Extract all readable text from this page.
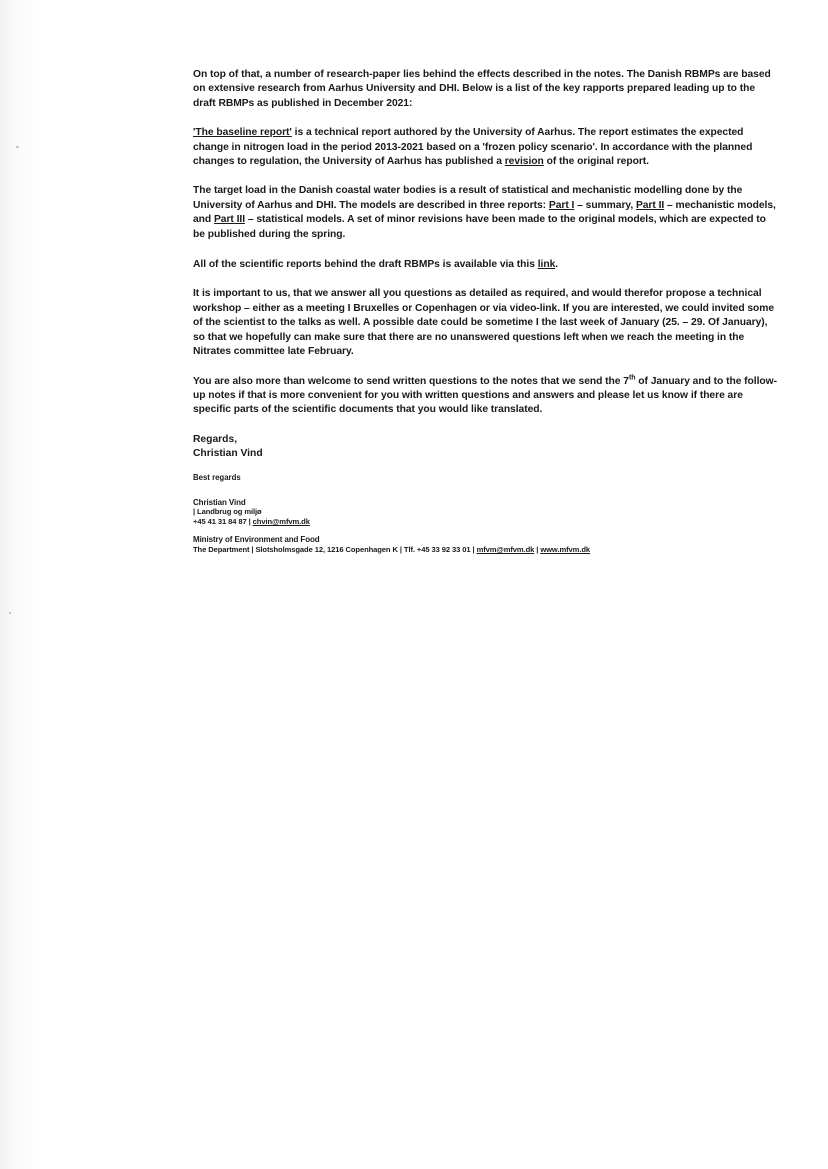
On top of that, a number of research-paper lies behind the effects described in the notes. The Danish RBMPs are based on extensive research from Aarhus University and DHI. Below is a list of the key rapports prepared leading up to the draft RBMPs as published in December 2021:

'The baseline report' is a technical report authored by the University of Aarhus. The report estimates the expected change in nitrogen load in the period 2013-2021 based on a 'frozen policy scenario'. In accordance with the planned changes to regulation, the University of Aarhus has published a revision of the original report.

The target load in the Danish coastal water bodies is a result of statistical and mechanistic modelling done by the University of Aarhus and DHI. The models are described in three reports: Part I – summary, Part II – mechanistic models, and Part III – statistical models. A set of minor revisions have been made to the original models, which are expected to be published during the spring.

All of the scientific reports behind the draft RBMPs is available via this link.

It is important to us, that we answer all you questions as detailed as required, and would therefor propose a technical workshop – either as a meeting I Bruxelles or Copenhagen or via video-link. If you are interested, we could invited some of the scientist to the talks as well. A possible date could be sometime I the last week of January (25. – 29. Of January), so that we hopefully can make sure that there are no unanswered questions left when we reach the meeting in the Nitrates committee late February.

You are also more than welcome to send written questions to the notes that we send the 7th of January and to the follow-up notes if that is more convenient for you with written questions and answers and please let us know if there are specific parts of the scientific documents that you would like translated.

Regards,
Christian Vind
Best regards
Christian Vind
| Landbrug og miljø
+45 41 31 84 87 | chvin@mfvm.dk
Ministry of Environment and Food
The Department | Slotsholmsgade 12, 1216 Copenhagen K | Tlf. +45 33 92 33 01 | mfvm@mfvm.dk | www.mfvm.dk
